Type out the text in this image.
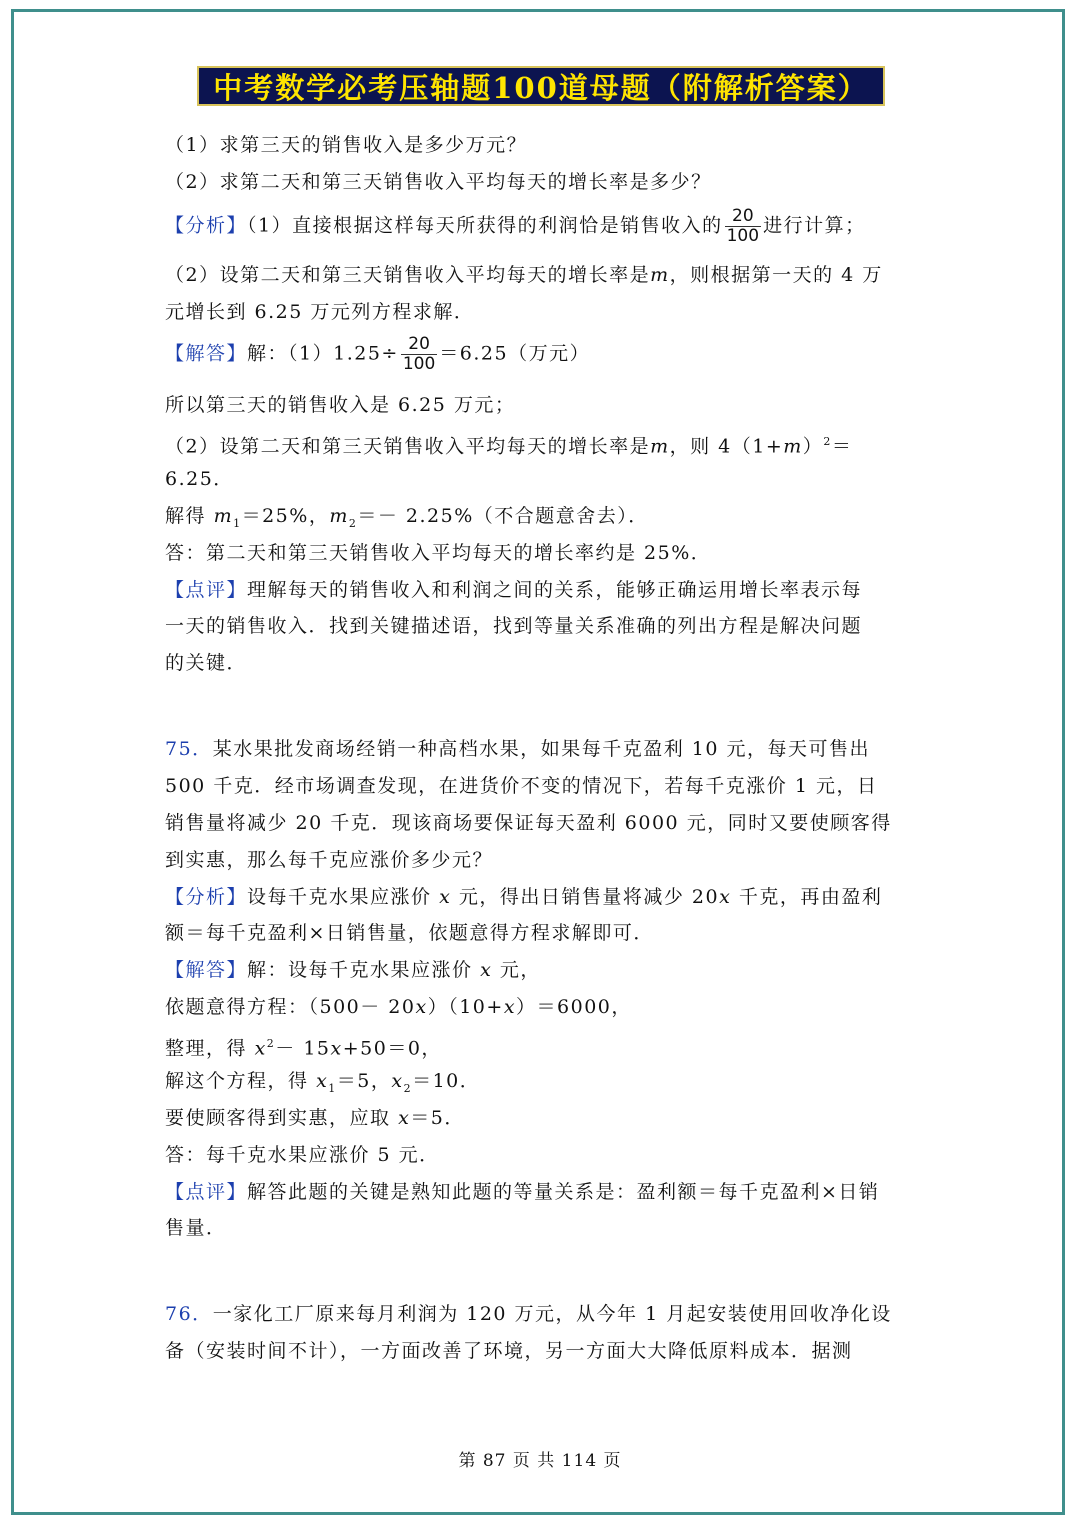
中考数学必考压轴题100道母题（附解析答案）
（1）求第三天的销售收入是多少万元？
（2）求第二天和第三天销售收入平均每天的增长率是多少？
【分析】（1）直接根据这样每天所获得的利润恰是销售收入的 $\frac{20}{100}$ 进行计算；
（2）设第二天和第三天销售收入平均每天的增长率是m，则根据第一天的 4 万
元增长到 6.25 万元列方程求解．
【解答】解：$(1)1.25\div \frac{20}{100} =6.25$（万元）
所以第三天的销售收入是 6.25 万元；
（2）设第二天和第三天销售收入平均每天的增长率是m，则 $4(1+m)^2=$
6.25．
解得 $m_1=25\%$，$m_2=- 2.25\%$（不合题意舍去）．
答：第二天和第三天销售收入平均每天的增长率约是 25%．
【点评】理解每天的销售收入和利润之间的关系，能够正确运用增长率表示每
一天的销售收入．找到关键描述语，找到等量关系准确的列出方程是解决问题
的关键．
75．某水果批发商场经销一种高档水果，如果每千克盈利 10 元，每天可售出
500 千克．经市场调查发现，在进货价不变的情况下，若每千克涨价 1 元，日
销售量将减少 20 千克．现该商场要保证每天盈利 6000 元，同时又要使顾客得
到实惠，那么每千克应涨价多少元？
【分析】设每千克水果应涨价 x 元，得出日销售量将减少 20x 千克，再由盈利
额＝每千克盈利×日销售量，依题意得方程求解即可．
【解答】解：设每千克水果应涨价 x 元，
依题意得方程：（500－ 20x）（10+x）＝6000，
整理，得 $x^2- 15x+50=0$，
解这个方程，得 $x_1=5$，$x_2=10$．
要使顾客得到实惠，应取 x＝5．
答：每千克水果应涨价 5 元．
【点评】解答此题的关键是熟知此题的等量关系是：盈利额＝每千克盈利×日销
售量．
76．一家化工厂原来每月利润为 120 万元，从今年 1 月起安装使用回收净化设
备（安装时间不计），一方面改善了环境，另一方面大大降低原料成本．据测
第 87 页 共 114 页
